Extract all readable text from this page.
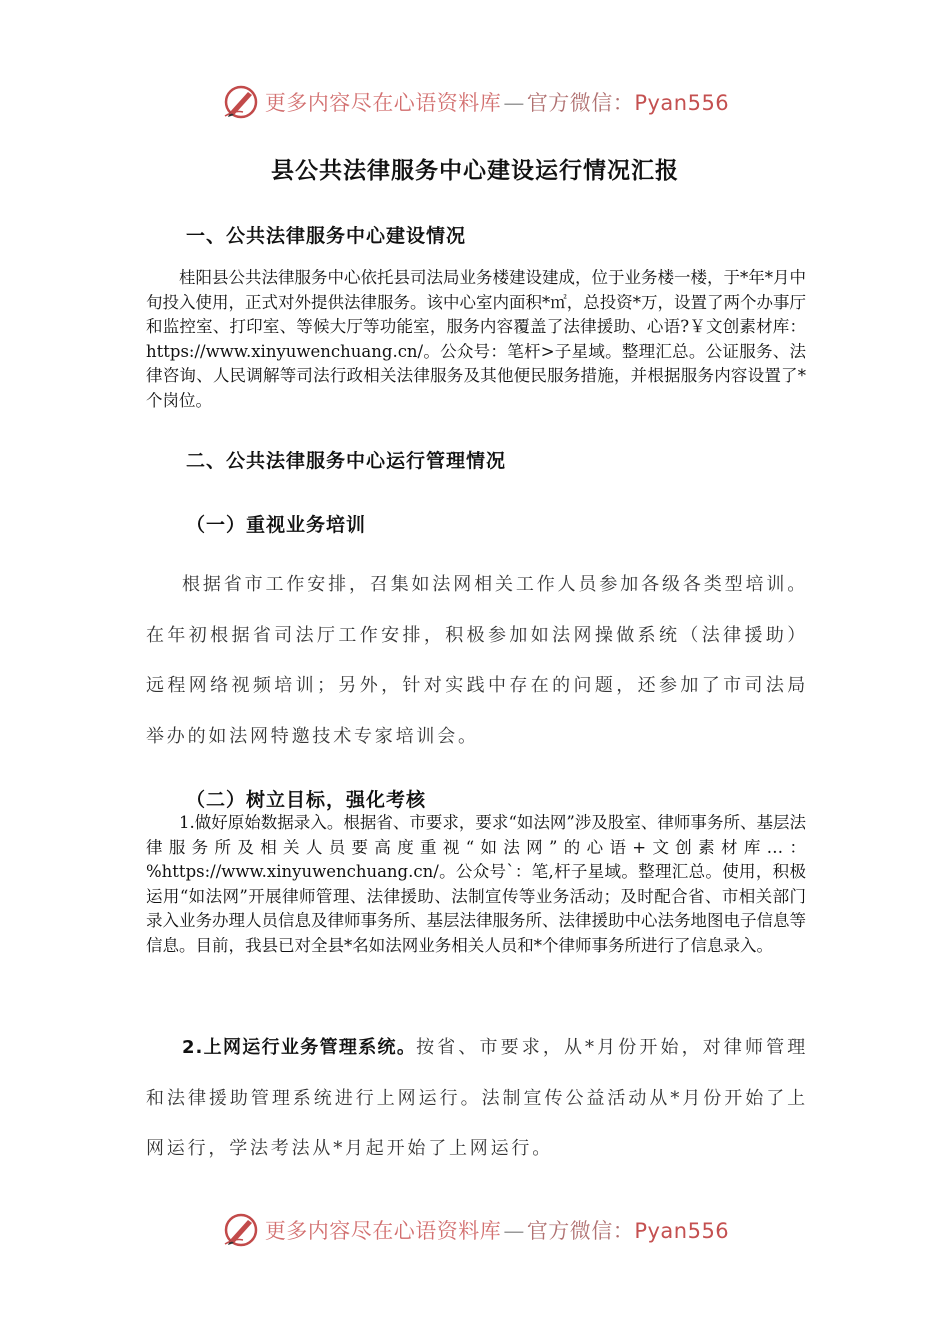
更多内容尽在心语资料库—官方微信：Pyan556
县公共法律服务中心建设运行情况汇报
一、公共法律服务中心建设情况

桂阳县公共法律服务中心依托县司法局业务楼建设建成，位于业务楼一楼，于*年*月中旬投入使用，正式对外提供法律服务。该中心室内面积*㎡，总投资*万，设置了两个办事厅和监控室、打印室、等候大厅等功能室，服务内容覆盖了法律援助、心语?￥文创素材库：https://www.xinyuwenchuang.cn/。公众号：笔杆>子星域。整理汇总。公证服务、法律咨询、人民调解等司法行政相关法律服务及其他便民服务措施，并根据服务内容设置了*个岗位。

二、公共法律服务中心运行管理情况
（一）重视业务培训

根据省市工作安排，召集如法网相关工作人员参加各级各类型培训。在年初根据省司法厅工作安排，积极参加如法网操做系统（法律援助）远程网络视频培训；另外，针对实践中存在的问题，还参加了市司法局举办的如法网特邀技术专家培训会。

（二）树立目标，强化考核

1.做好原始数据录入。根据省、市要求，要求“如法网”涉及股室、律师事务所、基层法律服务所及相关人员要高度重视“如法网”的心语+文创素材库…：%https://www.xinyuwenchuang.cn/。公众号`：笔,杆子星域。整理汇总。使用，积极运用“如法网”开展律师管理、法律援助、法制宣传等业务活动；及时配合省、市相关部门录入业务办理人员信息及律师事务所、基层法律服务所、法律援助中心法务地图电子信息等信息。目前，我县已对全县*名如法网业务相关人员和*个律师事务所进行了信息录入。

2.上网运行业务管理系统。按省、市要求，从*月份开始，对律师管理和法律援助管理系统进行上网运行。法制宣传公益活动从*月份开始了上网运行，学法考法从*月起开始了上网运行。

更多内容尽在心语资料库—官方微信：Pyan556
